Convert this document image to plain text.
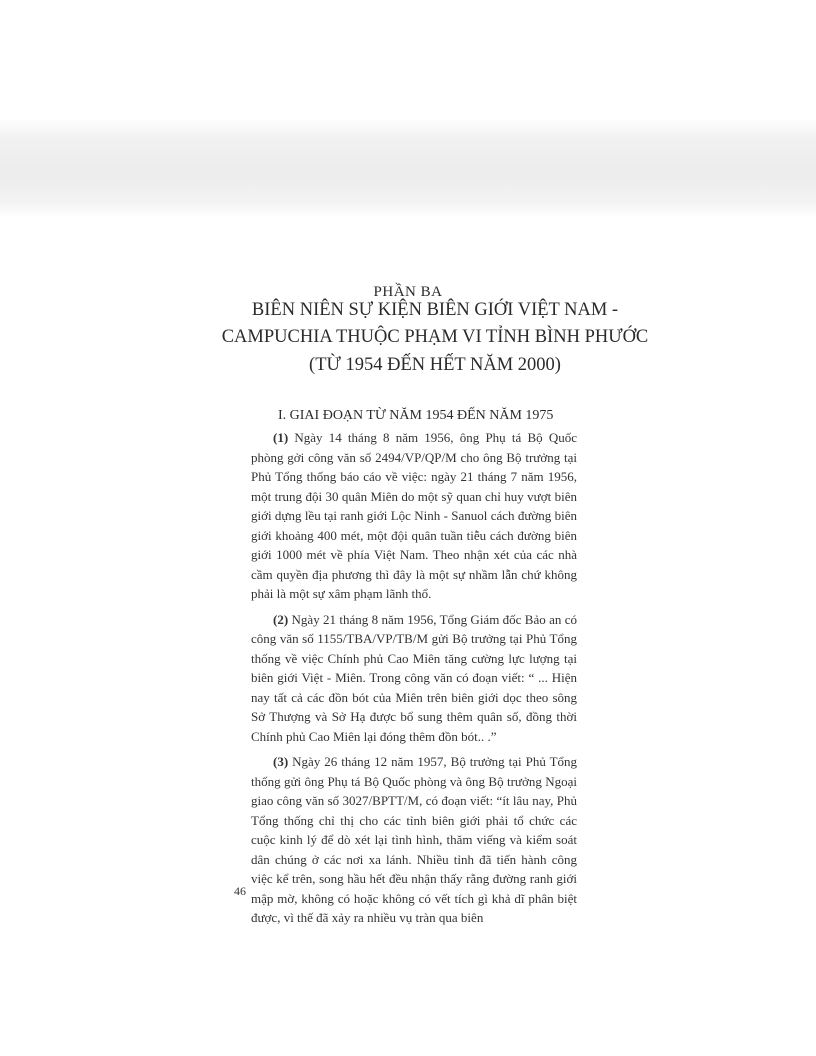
PHẦN BA
BIÊN NIÊN SỰ KIỆN BIÊN GIỚI VIỆT NAM -
CAMPUCHIA THUỘC PHẠM VI TỈNH BÌNH PHƯỚC
(TỪ 1954 ĐẾN HẾT NĂM 2000)
I. GIAI ĐOẠN TỪ NĂM 1954 ĐẾN NĂM 1975

(1) Ngày 14 tháng 8 năm 1956, ông Phụ tá Bộ Quốc phòng gởi công văn số 2494/VP/QP/M cho ông Bộ trưởng tại Phủ Tổng thống báo cáo về việc: ngày 21 tháng 7 năm 1956, một trung đội 30 quân Miên do một sỹ quan chỉ huy vượt biên giới dựng lều tại ranh giới Lộc Ninh - Sanuol cách đường biên giới khoảng 400 mét, một đội quân tuần tiễu cách đường biên giới 1000 mét về phía Việt Nam. Theo nhận xét của các nhà cầm quyền địa phương thì đây là một sự nhầm lẫn chứ không phải là một sự xâm phạm lãnh thổ.

(2) Ngày 21 tháng 8 năm 1956, Tổng Giám đốc Bảo an có công văn số 1155/TBA/VP/TB/M gửi Bộ trưởng tại Phủ Tổng thống về việc Chính phủ Cao Miên tăng cường lực lượng tại biên giới Việt - Miên. Trong công văn có đoạn viết: “ ... Hiện nay tất cả các đồn bót của Miên trên biên giới dọc theo sông Sở Thượng và Sở Hạ được bổ sung thêm quân số, đồng thời Chính phủ Cao Miên lại đóng thêm đồn bót.. .”

(3) Ngày 26 tháng 12 năm 1957, Bộ trưởng tại Phủ Tổng thống gửi ông Phụ tá Bộ Quốc phòng và ông Bộ trưởng Ngoại giao công văn số 3027/BPTT/M, có đoạn viết: “ít lâu nay, Phủ Tổng thống chỉ thị cho các tỉnh biên giới phải tổ chức các cuộc kinh lý để dò xét lại tình hình, thăm viếng và kiểm soát dân chúng ở các nơi xa lánh. Nhiều tỉnh đã tiến hành công việc kể trên, song hầu hết đều nhận thấy rằng đường ranh giới mập mờ, không có hoặc không có vết tích gì khả dĩ phân biệt được, vì thế đã xảy ra nhiều vụ tràn qua biên

46
